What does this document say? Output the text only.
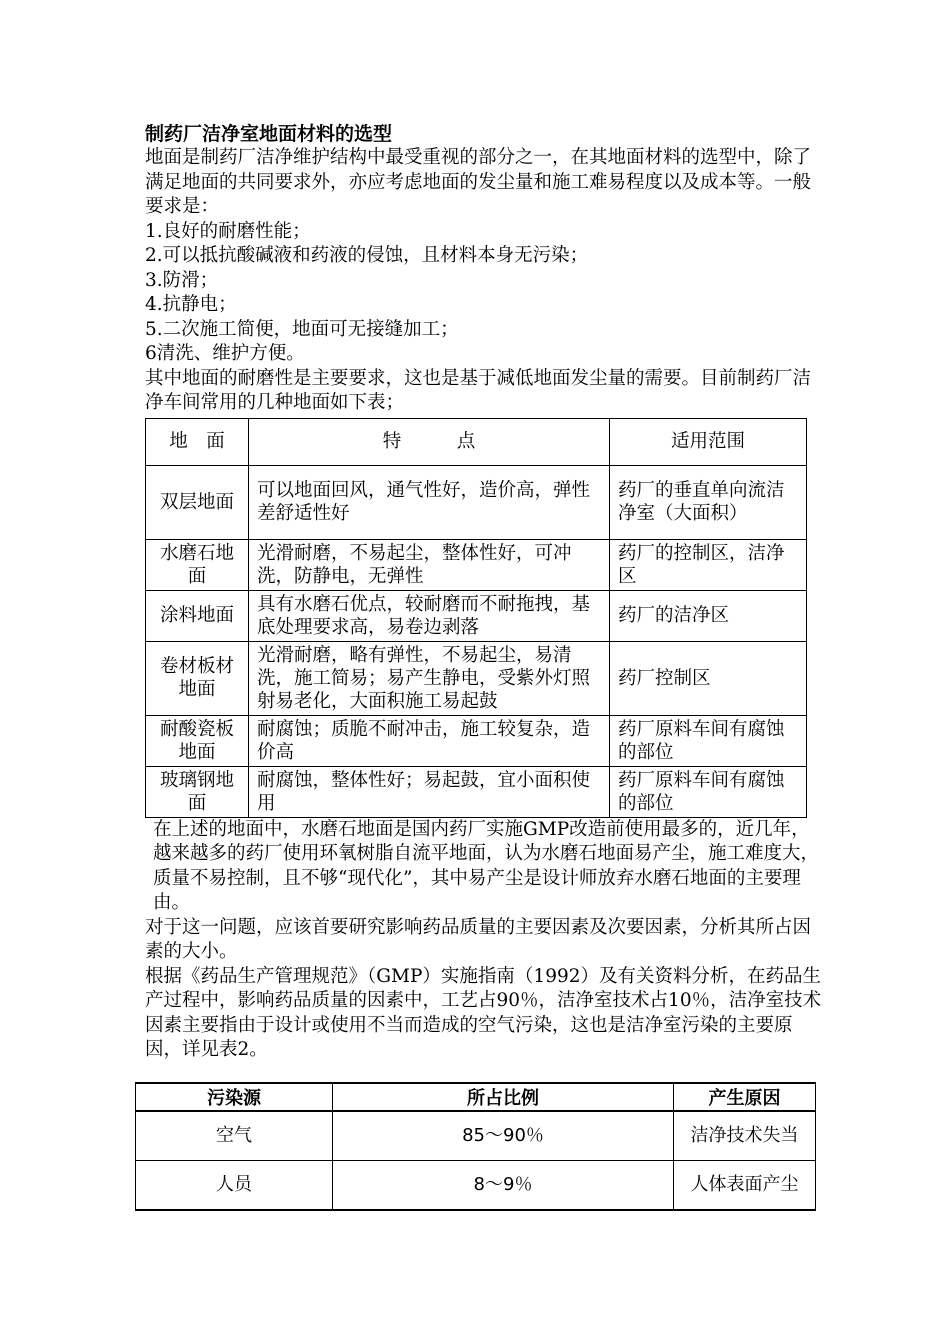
制药厂洁净室地面材料的选型

地面是制药厂洁净维护结构中最受重视的部分之一，在其地面材料的选型中，除了满足地面的共同要求外，亦应考虑地面的发尘量和施工难易程度以及成本等。一般要求是：

1.良好的耐磨性能；

2.可以抵抗酸碱液和药液的侵蚀，且材料本身无污染；

3.防滑；

4.抗静电；

5.二次施工简便，地面可无接缝加工；

6清洗、维护方便。

其中地面的耐磨性是主要要求，这也是基于减低地面发尘量的需要。目前制药厂洁净车间常用的几种地面如下表；

地　面	特　　　点	适用范围
双层地面	可以地面回风，通气性好，造价高，弹性差舒适性好	药厂的垂直单向流洁净室（大面积）
水磨石地面	光滑耐磨，不易起尘，整体性好，可冲洗，防静电，无弹性	药厂的控制区，洁净区
涂料地面	具有水磨石优点，较耐磨而不耐拖拽，基底处理要求高，易卷边剥落	药厂的洁净区
卷材板材地面	光滑耐磨，略有弹性，不易起尘，易清洗，施工简易；易产生静电，受紫外灯照射易老化，大面积施工易起鼓	药厂控制区
耐酸瓷板地面	耐腐蚀；质脆不耐冲击，施工较复杂，造价高	药厂原料车间有腐蚀的部位
玻璃钢地面	耐腐蚀，整体性好；易起鼓，宜小面积使用	药厂原料车间有腐蚀的部位

在上述的地面中，水磨石地面是国内药厂实施GMP改造前使用最多的，近几年，越来越多的药厂使用环氧树脂自流平地面，认为水磨石地面易产尘，施工难度大，质量不易控制，且不够“现代化”，其中易产尘是设计师放弃水磨石地面的主要理由。

对于这一问题，应该首要研究影响药品质量的主要因素及次要因素，分析其所占因素的大小。

根据《药品生产管理规范》（GMP）实施指南（1992）及有关资料分析，在药品生产过程中，影响药品质量的因素中，工艺占90％，洁净室技术占10％，洁净室技术因素主要指由于设计或使用不当而造成的空气污染，这也是洁净室污染的主要原因，详见表2。

污染源	所占比例	产生原因
空气	85～90％	洁净技术失当
人员	8～9％	人体表面产尘
